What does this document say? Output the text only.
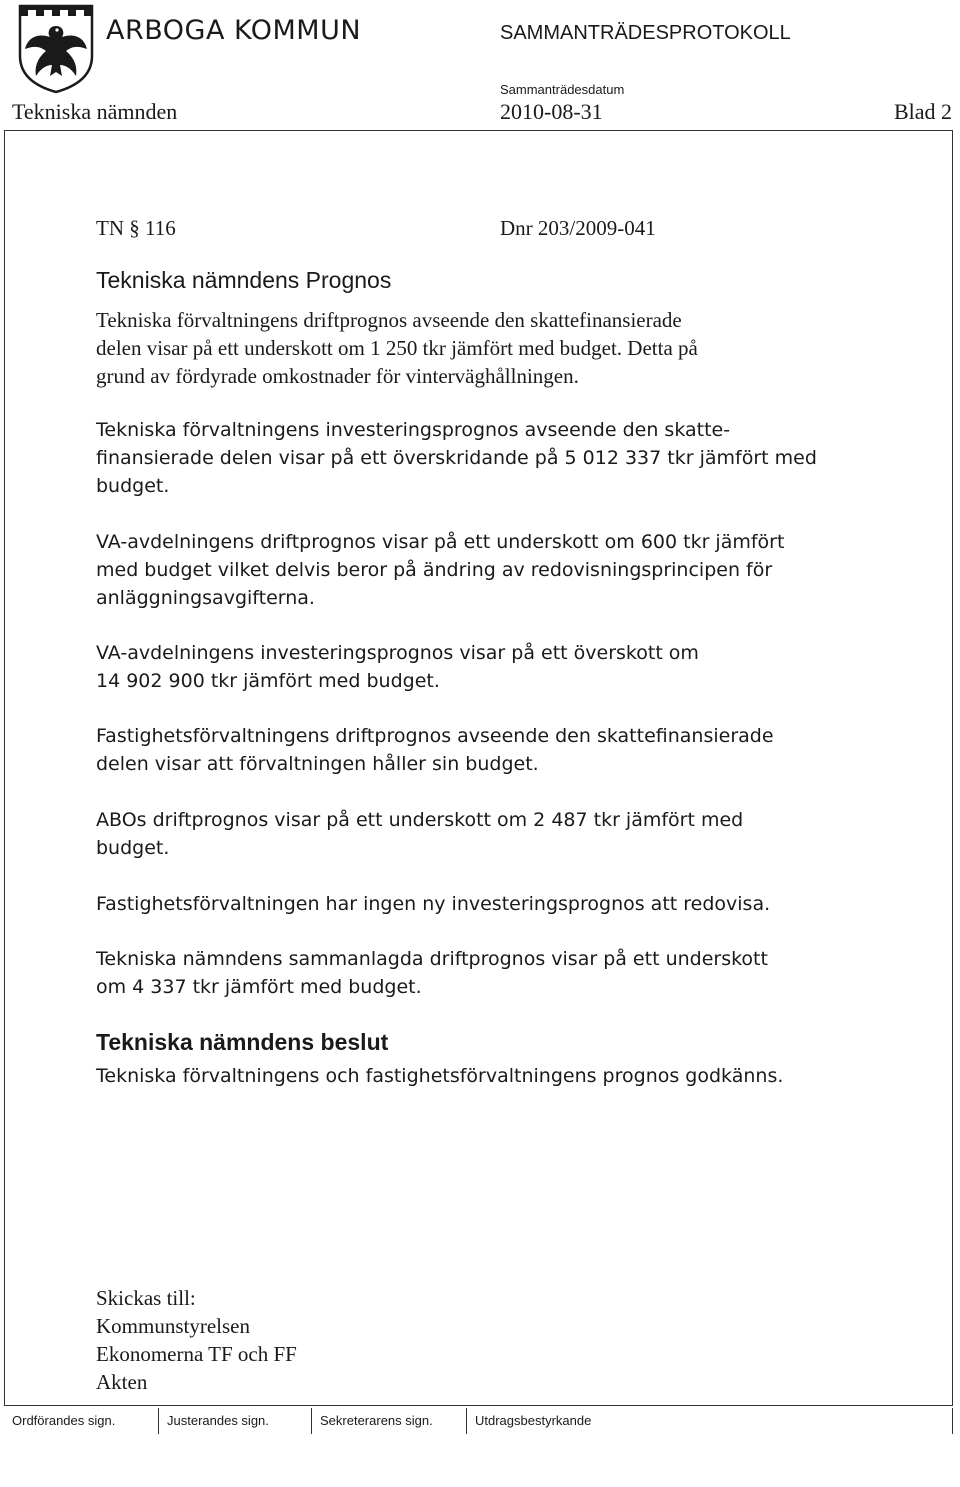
ARBOGA KOMMUN	SAMMANTRÄDESPROTOKOLL
Sammanträdesdatum
Tekniska nämnden	2010-08-31	Blad 2
TN § 116	Dnr 203/2009-041
Tekniska nämndens Prognos
Tekniska förvaltningens driftprognos avseende den skattefinansierade
delen visar på ett underskott om 1 250 tkr jämfört med budget. Detta på
grund av fördyrade omkostnader för vinterväghållningen.
Tekniska förvaltningens investeringsprognos avseende den skatte-
finansierade delen visar på ett överskridande på 5 012 337 tkr jämfört med
budget.
VA-avdelningens driftprognos visar på ett underskott om 600 tkr jämfört
med budget vilket delvis beror på ändring av redovisningsprincipen för
anläggningsavgifterna.
VA-avdelningens investeringsprognos visar på ett överskott om
14 902 900 tkr jämfört med budget.
Fastighetsförvaltningens driftprognos avseende den skattefinansierade
delen visar att förvaltningen håller sin budget.
ABOs driftprognos visar på ett underskott om 2 487 tkr jämfört med
budget.
Fastighetsförvaltningen har ingen ny investeringsprognos att redovisa.
Tekniska nämndens sammanlagda driftprognos visar på ett underskott
om 4 337 tkr jämfört med budget.
Tekniska nämndens beslut
Tekniska förvaltningens och fastighetsförvaltningens prognos godkänns.
Skickas till:
Kommunstyrelsen
Ekonomerna TF och FF
Akten
Ordförandes sign.	Justerandes sign.	Sekreterarens sign.	Utdragsbestyrkande
